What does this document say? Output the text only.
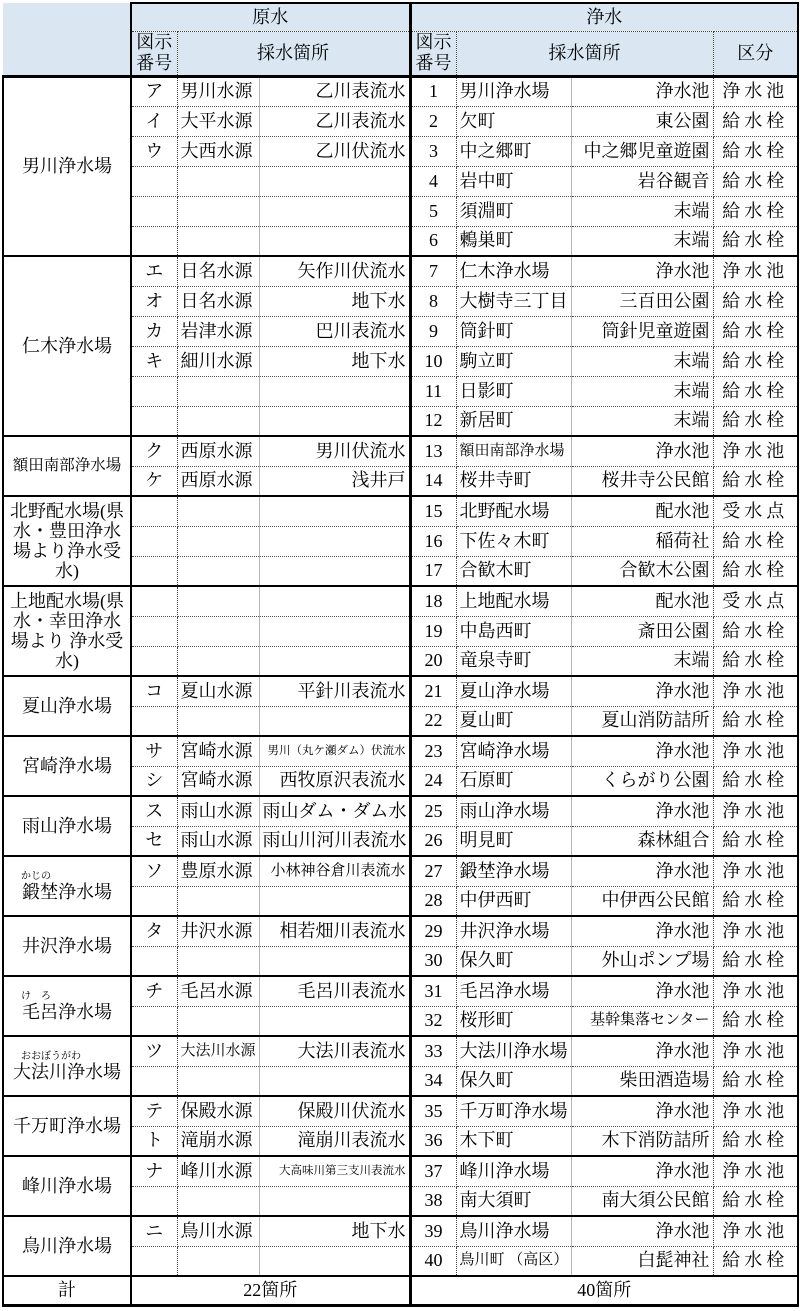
	原水			浄水			
	図示番号	採水箇所		図示番号	採水箇所		区分

男川浄水場	ア	男川水源	乙川表流水	1	男川浄水場	浄水池	浄水池
	イ	大平水源	乙川表流水	2	欠町	東公園	給水栓
	ウ	大西水源	乙川伏流水	3	中之郷町	中之郷児童遊園	給水栓
				4	岩中町	岩谷観音	給水栓
				5	須淵町	末端	給水栓
				6	鶫巣町	末端	給水栓

仁木浄水場	エ	日名水源	矢作川伏流水	7	仁木浄水場	浄水池	浄水池
	オ	日名水源	地下水	8	大樹寺三丁目	三百田公園	給水栓
	カ	岩津水源	巴川表流水	9	筒針町	筒針児童遊園	給水栓
	キ	細川水源	地下水	10	駒立町	末端	給水栓
				11	日影町	末端	給水栓
				12	新居町	末端	給水栓

額田南部浄水場	ク	西原水源	男川伏流水	13	額田南部浄水場	浄水池	浄水池
	ケ	西原水源	浅井戸	14	桜井寺町	桜井寺公民館	給水栓

北野配水場(県水・豊田浄水場より浄水受水)				15	北野配水場	配水池	受水点
				16	下佐々木町	稲荷社	給水栓
				17	合歓木町	合歓木公園	給水栓

上地配水場(県水・幸田浄水場より 浄水受水)				18	上地配水場	配水池	受水点
				19	中島西町	斎田公園	給水栓
				20	竜泉寺町	末端	給水栓

夏山浄水場	コ	夏山水源	平針川表流水	21	夏山浄水場	浄水池	浄水池
				22	夏山町	夏山消防詰所	給水栓

宮崎浄水場	サ	宮崎水源	男川（丸ケ瀬ダム）伏流水	23	宮崎浄水場	浄水池	浄水池
	シ	宮崎水源	西牧原沢表流水	24	石原町	くらがり公園	給水栓

雨山浄水場	ス	雨山水源	雨山ダム・ダム水	25	雨山浄水場	浄水池	浄水池
	セ	雨山水源	雨山川河川表流水	26	明見町	森林組合	給水栓

かじの
鍛埜浄水場	ソ	豊原水源	小林神谷倉川表流水	27	鍛埜浄水場	浄水池	浄水池
				28	中伊西町	中伊西公民館	給水栓

井沢浄水場	タ	井沢水源	相若畑川表流水	29	井沢浄水場	浄水池	浄水池
				30	保久町	外山ポンプ場	給水栓

け　ろ
毛呂浄水場	チ	毛呂水源	毛呂川表流水	31	毛呂浄水場	浄水池	浄水池
				32	桜形町	基幹集落センター	給水栓

おおぼうがわ
大法川浄水場	ツ	大法川水源	大法川表流水	33	大法川浄水場	浄水池	浄水池
				34	保久町	柴田酒造場	給水栓

千万町浄水場	テ	保殿水源	保殿川伏流水	35	千万町浄水場	浄水池	浄水池
	ト	滝崩水源	滝崩川表流水	36	木下町	木下消防詰所	給水栓

峰川浄水場	ナ	峰川水源	大高味川第三支川表流水	37	峰川浄水場	浄水池	浄水池
				38	南大須町	南大須公民館	給水栓

鳥川浄水場	ニ	鳥川水源	地下水	39	鳥川浄水場	浄水池	浄水池
				40	鳥川町 （高区）	白髭神社	給水栓
計	22箇所			40箇所			
